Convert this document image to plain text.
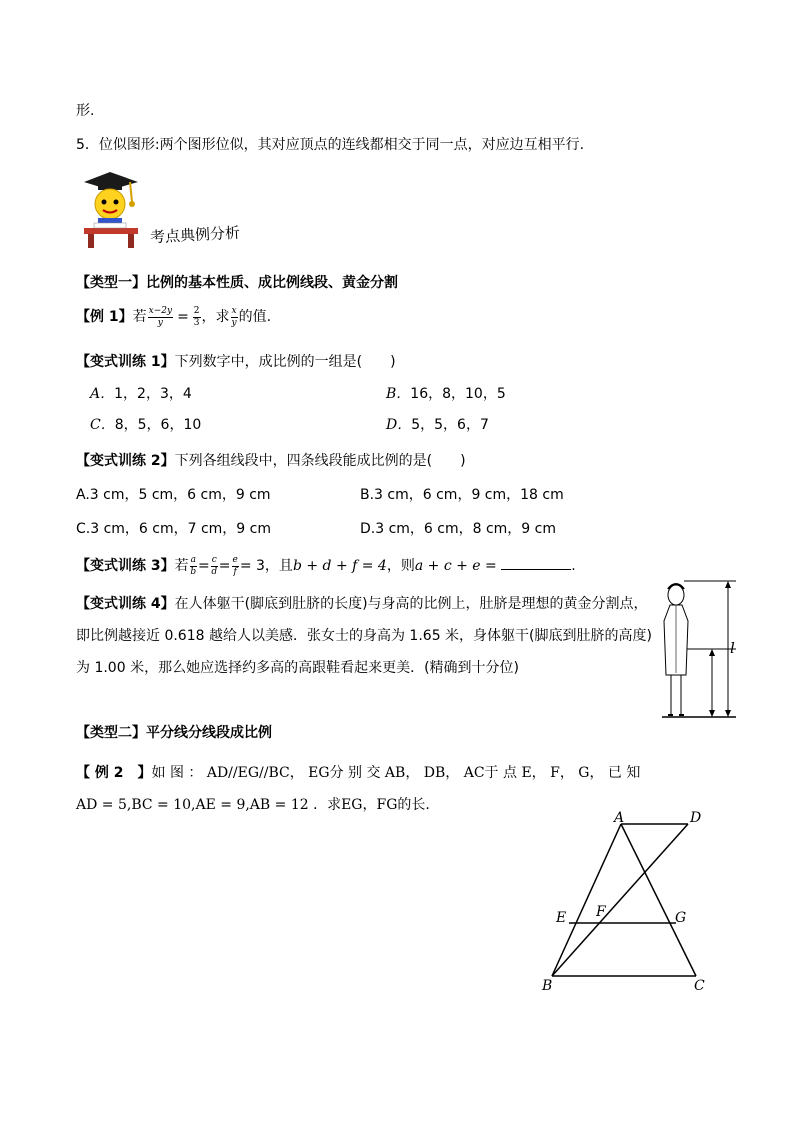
形.
5．位似图形:两个图形位似，其对应顶点的连线都相交于同一点，对应边互相平行.
考点典例分析
【类型一】比例的基本性质、成比例线段、黄金分割
【例 1】若 $\frac{x-2y}{y} = \frac{2}{3}$ ，求 $\frac{x}{y}$ 的值.
【变式训练 1】下列数字中，成比例的一组是(　　)
A．1，2，3，4	B．16，8，10，5
C．8，5，6，10	D．5，5，6，7
【变式训练 2】下列各组线段中，四条线段能成比例的是(　　)
A.3 cm，5 cm，6 cm，9 cm	B.3 cm，6 cm，9 cm，18 cm
C.3 cm，6 cm，7 cm，9 cm	D.3 cm，6 cm，8 cm，9 cm
【变式训练 3】若 $\frac{a}{b} = \frac{c}{d} = \frac{e}{f} = 3$，且b + d + f = 4，则a + c + e =	.
【变式训练 4】在人体躯干(脚底到肚脐的长度)与身高的比例上，肚脐是理想的黄金分割点，即比例越接近 0.618 越给人以美感．张女士的身高为 1.65 米，身体躯干(脚底到肚脐的高度)为 1.00 米，那么她应选择约多高的高跟鞋看起来更美．(精确到十分位)
l
【类型二】平分线分线段成比例
【 例 2　】如 图 ： AD//EG//BC， EG分 别 交 AB， DB， AC于 点 E， F， G， 已 知
AD = 5,BC = 10,AE = 9,AB = 12 ．求EG，FG的长.
A	D
E F	G
B	C
